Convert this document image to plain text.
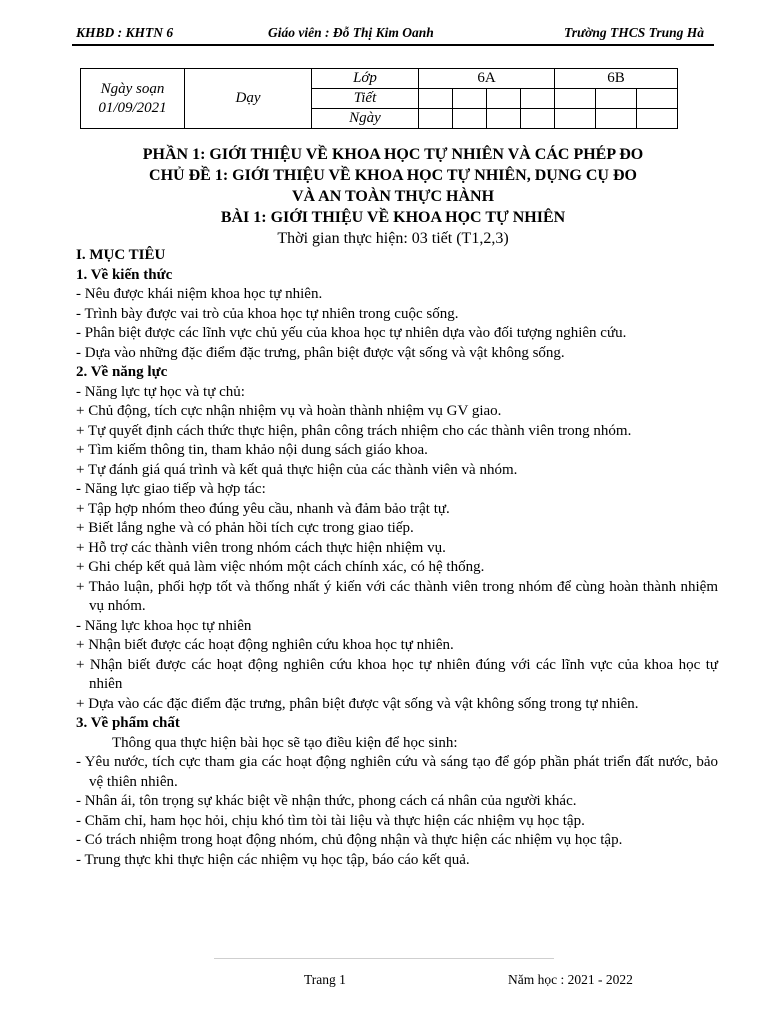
KHBD : KHTN 6	Giáo viên : Đỗ Thị Kim Oanh	Trường THCS Trung Hà
Ngày soạn
01/09/2021	Dạy	Lớp	6A				6B		
		Tiết							
		Ngày							
PHẦN 1: GIỚI THIỆU VỀ KHOA HỌC TỰ NHIÊN VÀ CÁC PHÉP ĐO
CHỦ ĐỀ 1: GIỚI THIỆU VỀ KHOA HỌC TỰ NHIÊN, DỤNG CỤ ĐO
VÀ AN TOÀN THỰC HÀNH
BÀI 1: GIỚI THIỆU VỀ KHOA HỌC TỰ NHIÊN
Thời gian thực hiện: 03 tiết (T1,2,3)

I. MỤC TIÊU

1. Về kiến thức

- Nêu được khái niệm khoa học tự nhiên.

- Trình bày được vai trò của khoa học tự nhiên trong cuộc sống.

- Phân biệt được các lĩnh vực chủ yếu của khoa học tự nhiên dựa vào đối tượng nghiên cứu.

- Dựa vào những đặc điểm đặc trưng, phân biệt được vật sống và vật không sống.

2. Về năng lực

- Năng lực tự học và tự chủ:

+ Chủ động, tích cực nhận nhiệm vụ và hoàn thành nhiệm vụ GV giao.

+ Tự quyết định cách thức thực hiện, phân công trách nhiệm cho các thành viên trong nhóm.

+ Tìm kiếm thông tin, tham khảo nội dung sách giáo khoa.

+ Tự đánh giá quá trình và kết quả thực hiện của các thành viên và nhóm.

- Năng lực giao tiếp và hợp tác:

+ Tập hợp nhóm theo đúng yêu cầu, nhanh và đảm bảo trật tự.

+ Biết lắng nghe và có phản hồi tích cực trong giao tiếp.

+ Hỗ trợ các thành viên trong nhóm cách thực hiện nhiệm vụ.

+ Ghi chép kết quả làm việc nhóm một cách chính xác, có hệ thống.

+ Thảo luận, phối hợp tốt và thống nhất ý kiến với các thành viên trong nhóm để cùng hoàn thành nhiệm vụ nhóm.

- Năng lực khoa học tự nhiên

+ Nhận biết được các hoạt động nghiên cứu khoa học tự nhiên.

+ Nhận biết được các hoạt động nghiên cứu khoa học tự nhiên đúng với các lĩnh vực của khoa học tự nhiên

+ Dựa vào các đặc điểm đặc trưng, phân biệt được vật sống và vật không sống trong tự nhiên.

3. Về phẩm chất

Thông qua thực hiện bài học sẽ tạo điều kiện để học sinh:

- Yêu nước, tích cực tham gia các hoạt động nghiên cứu và sáng tạo để góp phần phát triển đất nước, bảo vệ thiên nhiên.

- Nhân ái, tôn trọng sự khác biệt về nhận thức, phong cách cá nhân của người khác.

- Chăm chỉ, ham học hỏi, chịu khó tìm tòi tài liệu và thực hiện các nhiệm vụ học tập.

- Có trách nhiệm trong hoạt động nhóm, chủ động nhận và thực hiện các nhiệm vụ học tập.

- Trung thực khi thực hiện các nhiệm vụ học tập, báo cáo kết quả.

Trang 1	Năm học : 2021 - 2022
